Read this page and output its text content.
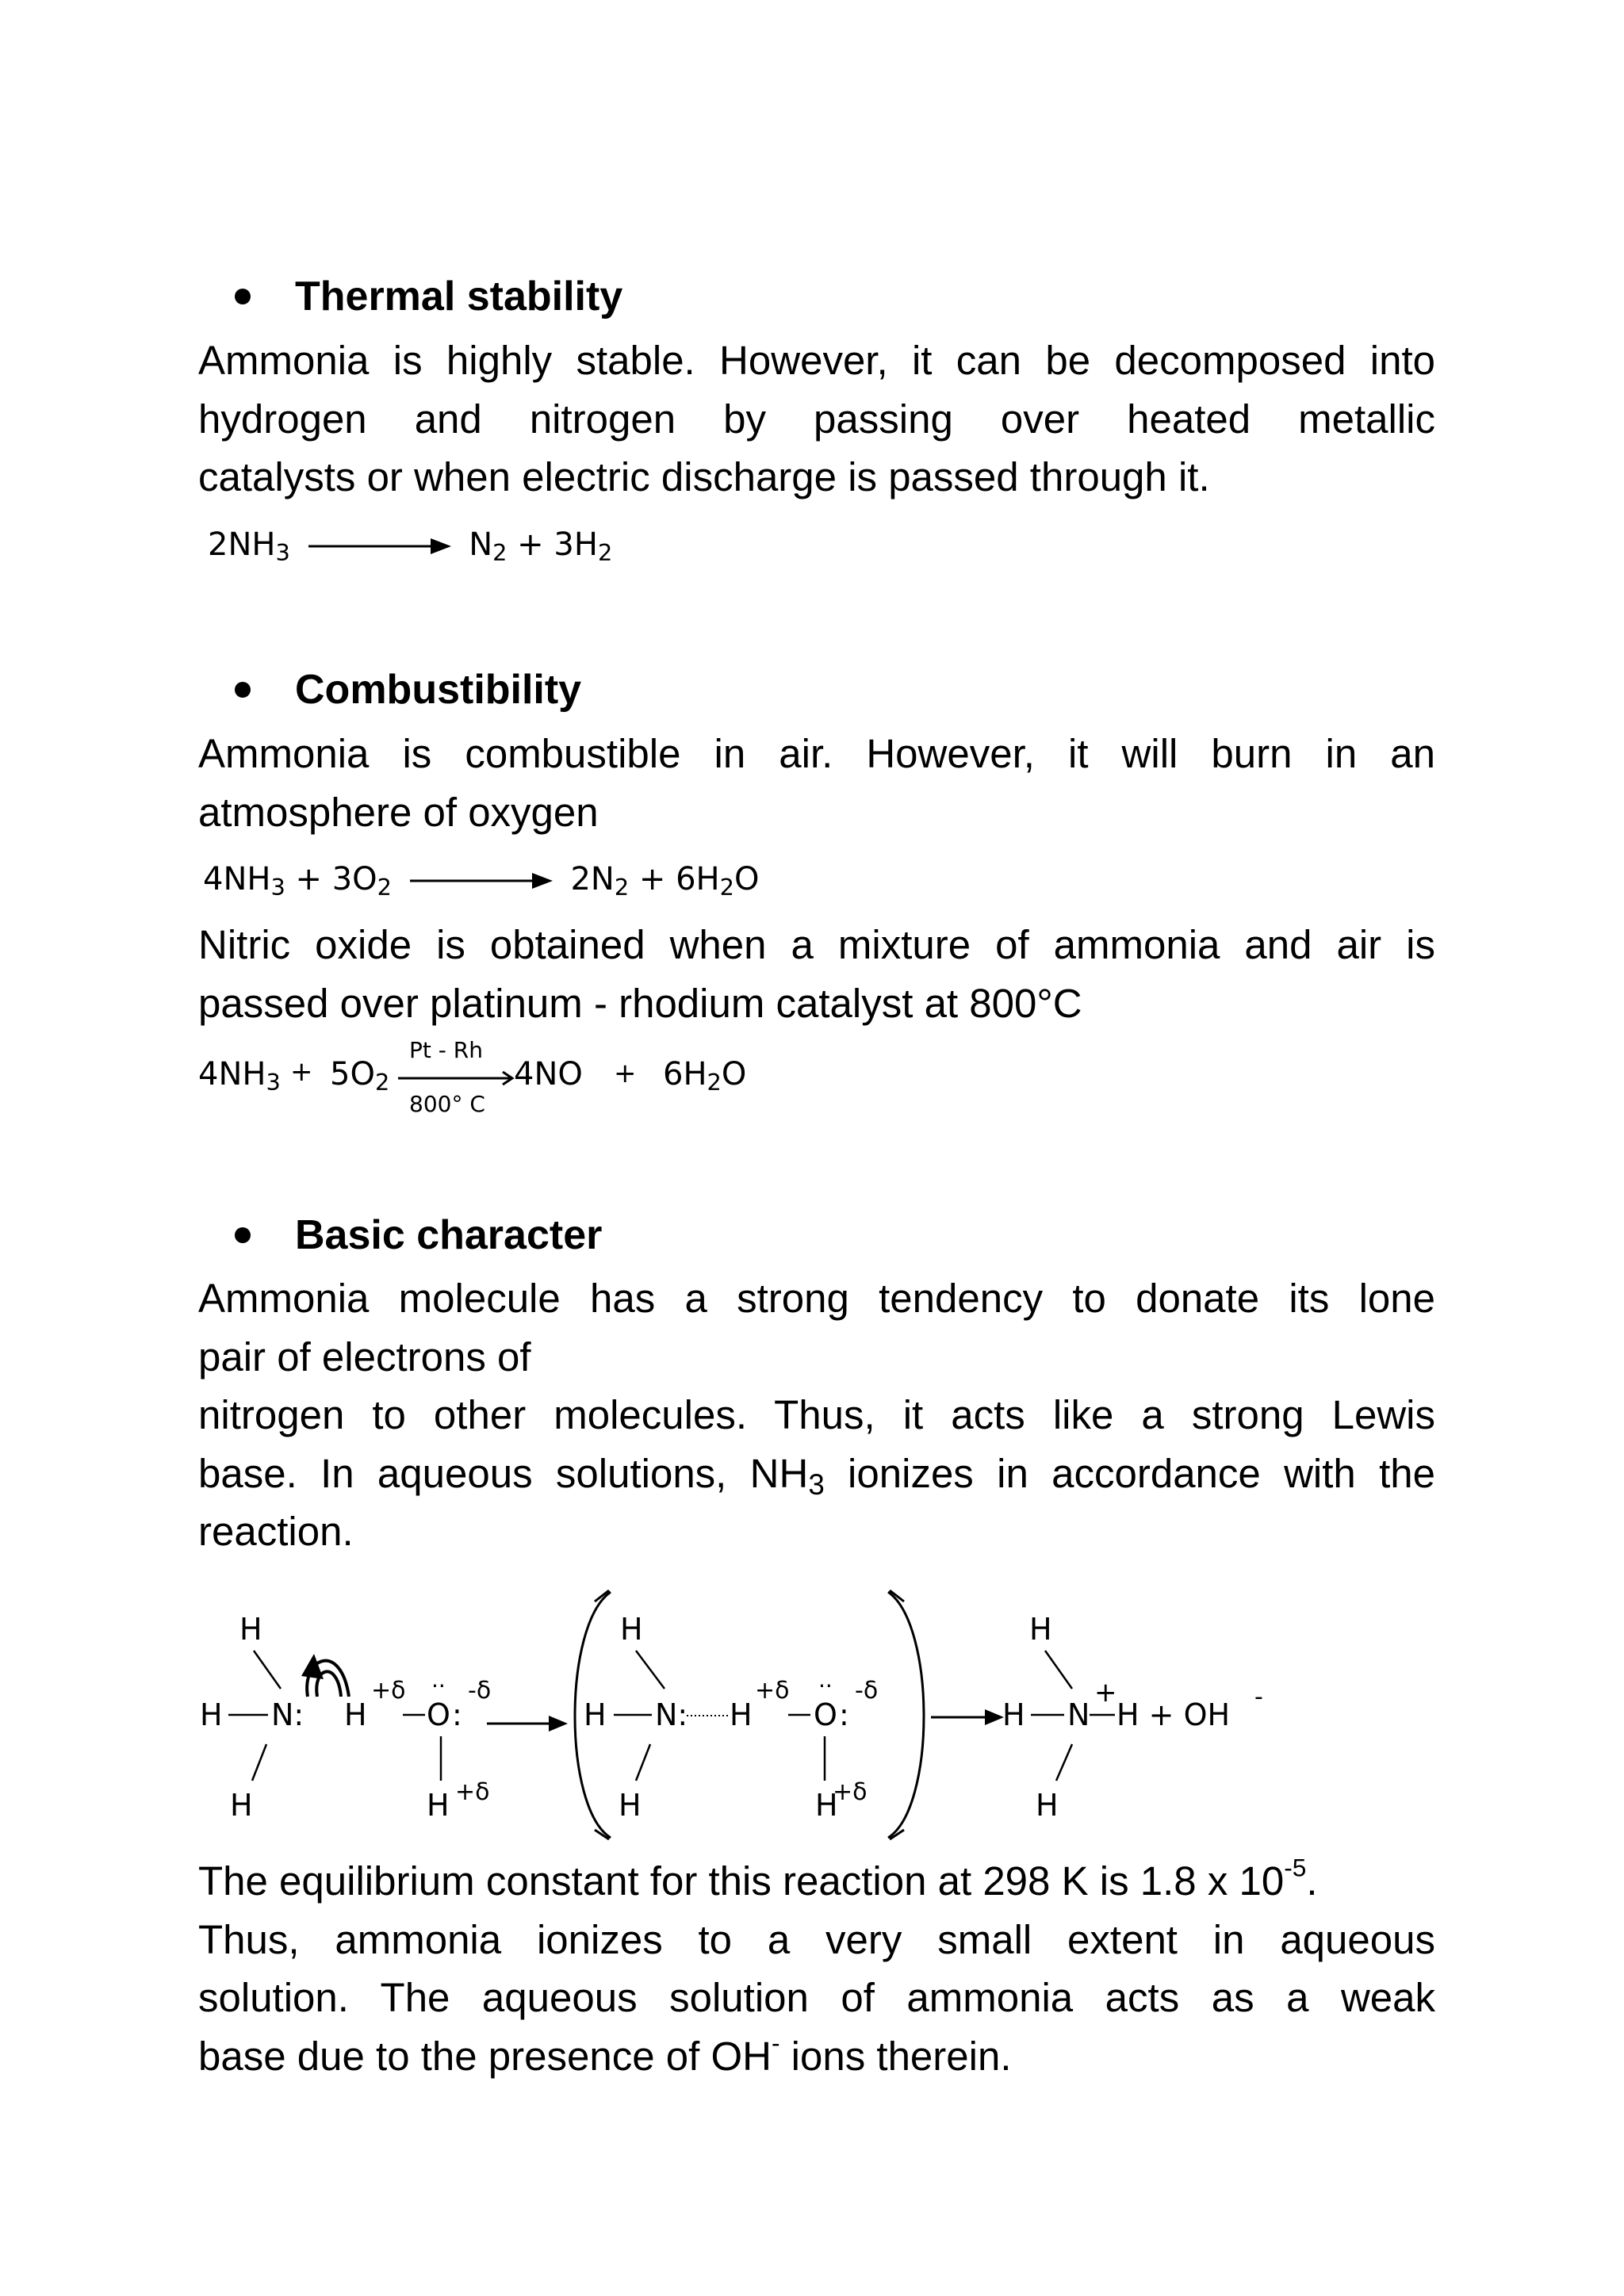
Thermal stability
Ammonia is highly stable. However, it can be decomposed into
hydrogen and nitrogen by passing over heated metallic
catalysts or when electric discharge is passed through it.
$2NH_3$	$N_2 + 3H_2$
Combustibility
Ammonia is combustible in air. However, it will burn in an
atmosphere of oxygen
$4NH_3 + 3O_2$	$2N_2 + 6H_2O$
Nitric oxide is obtained when a mixture of ammonia and air is
passed over platinum - rhodium catalyst at 800°C
$4NH_3 + 5O_2$
Pt - Rh
800° C
$4NO + 6H_2O$
Basic character
Ammonia molecule has a strong tendency to donate its lone
pair of electrons of
nitrogen to other molecules. Thus, it acts like a strong Lewis
base. In aqueous solutions, $NH_3$ ionizes in accordance with the
reaction.
H
H N:
H
H
+δ
O
··
:
-δ
H +δ
H
H N:
H
H
+δ
O
··
:
-δ
H
+δ
H
H N
+
H + OH
-
H
The equilibrium constant for this reaction at 298 K is 1.8 x $10^{-5}$.
Thus, ammonia ionizes to a very small extent in aqueous
solution. The aqueous solution of ammonia acts as a weak
base due to the presence of OH- ions therein.
